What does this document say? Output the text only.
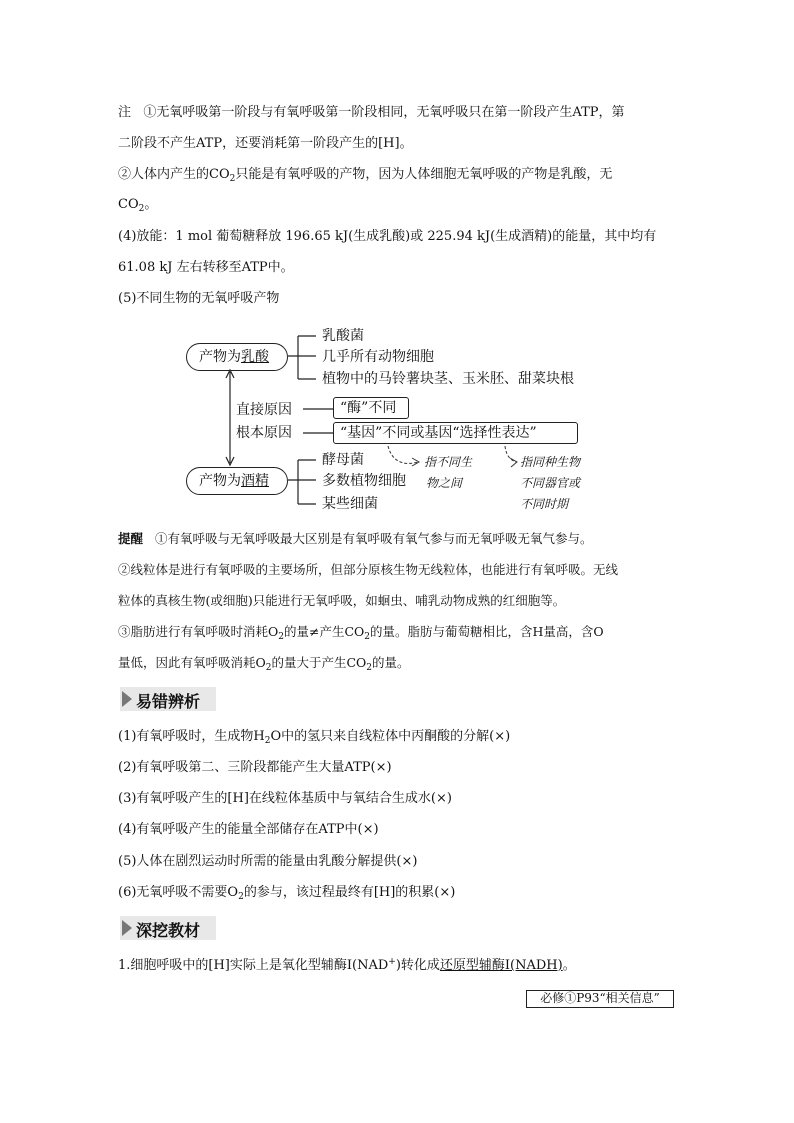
注 ①无氧呼吸第一阶段与有氧呼吸第一阶段相同，无氧呼吸只在第一阶段产生ATP，第
二阶段不产生ATP，还要消耗第一阶段产生的[H]。
②人体内产生的$CO_2$只能是有氧呼吸的产物，因为人体细胞无氧呼吸的产物是乳酸，无
$CO_2$。
(4)放能：1 mol 葡萄糖释放 196.65 kJ(生成乳酸)或 225.94 kJ(生成酒精)的能量，其中均有
61.08 kJ 左右转移至ATP中。
(5)不同生物的无氧呼吸产物
产物为乳酸
乳酸菌
几乎所有动物细胞
植物中的马铃薯块茎、玉米胚、甜菜块根
直接原因
根本原因
“酶”不同
“基因”不同或基因“选择性表达”
产物为酒精
酵母菌
多数植物细胞
某些细菌
指不同生
物之间
指同种生物
不同器官或
不同时期
提醒 ①有氧呼吸与无氧呼吸最大区别是有氧呼吸有氧气参与而无氧呼吸无氧气参与。
②线粒体是进行有氧呼吸的主要场所，但部分原核生物无线粒体，也能进行有氧呼吸。无线
粒体的真核生物(或细胞)只能进行无氧呼吸，如蛔虫、哺乳动物成熟的红细胞等。
③脂肪进行有氧呼吸时消耗$O_2$的量≠产生$CO_2$的量。脂肪与葡萄糖相比，含H量高，含O
量低，因此有氧呼吸消耗$O_2$的量大于产生$CO_2$的量。
易错辨析
(1)有氧呼吸时，生成物$H_2O$中的氢只来自线粒体中丙酮酸的分解(×)
(2)有氧呼吸第二、三阶段都能产生大量ATP(×)
(3)有氧呼吸产生的[H]在线粒体基质中与氧结合生成水(×)
(4)有氧呼吸产生的能量全部储存在ATP中(×)
(5)人体在剧烈运动时所需的能量由乳酸分解提供(×)
(6)无氧呼吸不需要$O_2$的参与，该过程最终有[H]的积累(×)
深挖教材
1.细胞呼吸中的[H]实际上是氧化型辅酶Ⅰ(NAD+)转化成还原型辅酶Ⅰ(NADH)。
必修①P93“相关信息”
